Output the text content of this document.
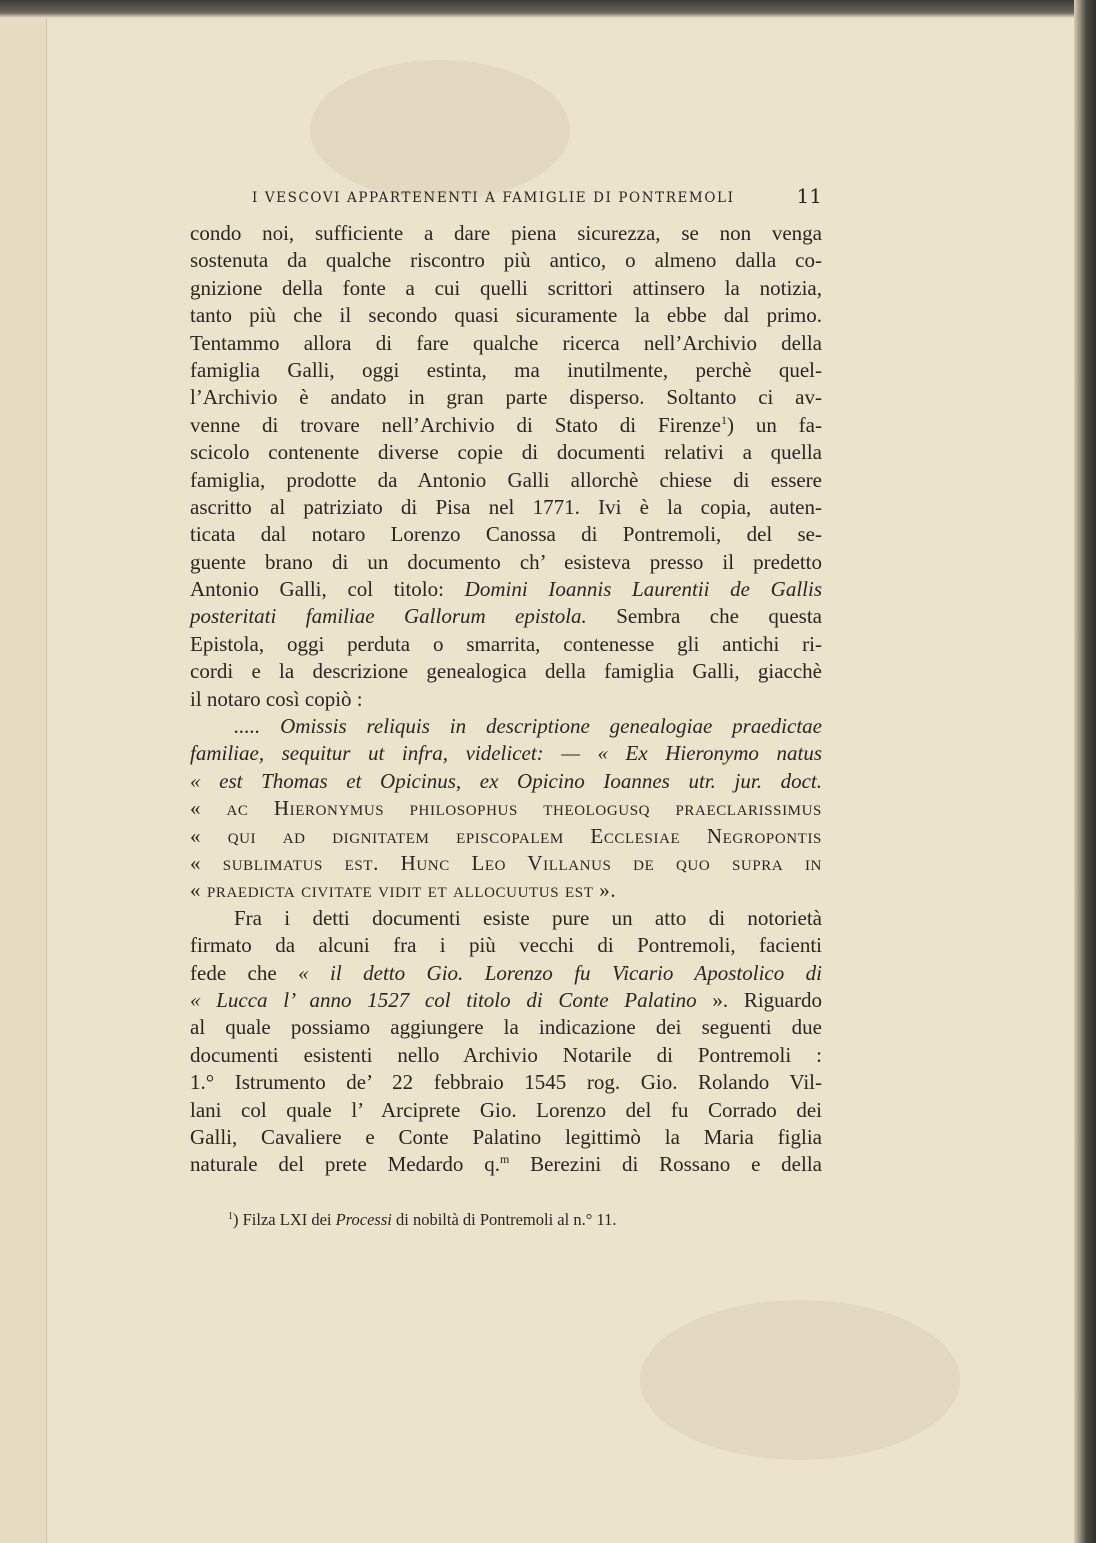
I VESCOVI APPARTENENTI A FAMIGLIE DI PONTREMOLI	11
condo noi, sufficiente a dare piena sicurezza, se non venga
sostenuta da qualche riscontro più antico, o almeno dalla co-
gnizione della fonte a cui quelli scrittori attinsero la notizia,
tanto più che il secondo quasi sicuramente la ebbe dal primo.
Tentammo allora di fare qualche ricerca nell’Archivio della
famiglia Galli, oggi estinta, ma inutilmente, perchè quel-
l’Archivio è andato in gran parte disperso. Soltanto ci av-
venne di trovare nell’Archivio di Stato di Firenze$^1$) un fa-
scicolo contenente diverse copie di documenti relativi a quella
famiglia, prodotte da Antonio Galli allorchè chiese di essere
ascritto al patriziato di Pisa nel 1771. Ivi è la copia, auten-
ticata dal notaro Lorenzo Canossa di Pontremoli, del se-
guente brano di un documento ch’ esisteva presso il predetto
Antonio Galli, col titolo: Domini Ioannis Laurentii de Gallis
posteritati familiae Gallorum epistola. Sembra che questa
Epistola, oggi perduta o smarrita, contenesse gli antichi ri-
cordi e la descrizione genealogica della famiglia Galli, giacchè
il notaro così copiò :
..... Omissis reliquis in descriptione genealogiae praedictae
familiae, sequitur ut infra, videlicet: — « Ex Hieronymo natus
« est Thomas et Opicinus, ex Opicino Ioannes utr. jur. doct.
« ac Hieronymus philosophus theologusq praeclarissimus
« qui ad dignitatem episcopalem Ecclesiae Negropontis
« sublimatus est. Hunc Leo Villanus de quo supra in
« praedicta civitate vidit et allocuutus est ».
Fra i detti documenti esiste pure un atto di notorietà
firmato da alcuni fra i più vecchi di Pontremoli, facienti
fede che « il detto Gio. Lorenzo fu Vicario Apostolico di
« Lucca l’ anno 1527 col titolo di Conte Palatino ». Riguardo
al quale possiamo aggiungere la indicazione dei seguenti due
documenti esistenti nello Archivio Notarile di Pontremoli :
1.° Istrumento de’ 22 febbraio 1545 rog. Gio. Rolando Vil-
lani col quale l’ Arciprete Gio. Lorenzo del fu Corrado dei
Galli, Cavaliere e Conte Palatino legittimò la Maria figlia
naturale del prete Medardo q.$^m$ Berezini di Rossano e della
$^1$) Filza LXI dei Processi di nobiltà di Pontremoli al n.° 11.
